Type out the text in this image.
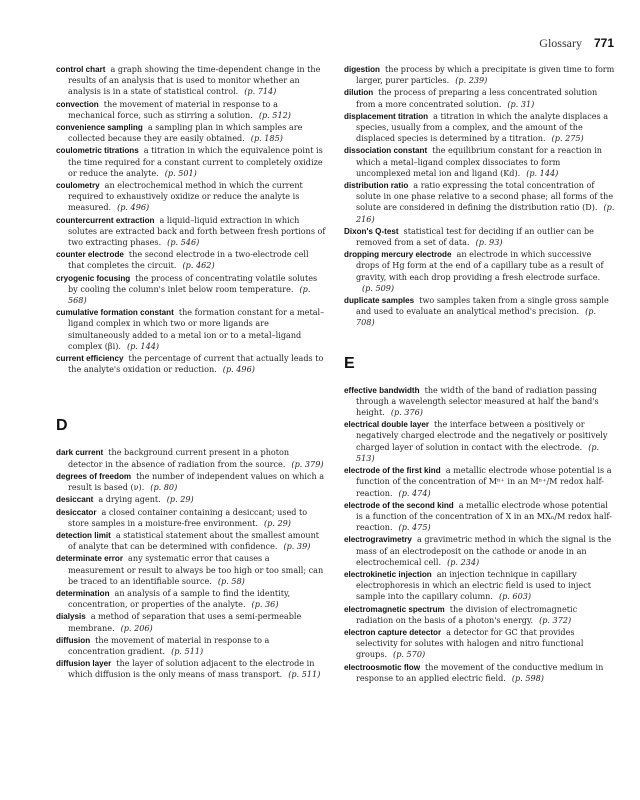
Glossary 771

control chart a graph showing the time-dependent change in the results of an analysis that is used to monitor whether an analysis is in a state of statistical control. (p. 714)

convection the movement of material in response to a mechanical force, such as stirring a solution. (p. 512)

convenience sampling a sampling plan in which samples are collected because they are easily obtained. (p. 185)

coulometric titrations a titration in which the equivalence point is the time required for a constant current to completely oxidize or reduce the analyte. (p. 501)

coulometry an electrochemical method in which the current required to exhaustively oxidize or reduce the analyte is measured. (p. 496)

countercurrent extraction a liquid–liquid extraction in which solutes are extracted back and forth between fresh portions of two extracting phases. (p. 546)

counter electrode the second electrode in a two-electrode cell that completes the circuit. (p. 462)

cryogenic focusing the process of concentrating volatile solutes by cooling the column's inlet below room temperature. (p. 568)

cumulative formation constant the formation constant for a metal–ligand complex in which two or more ligands are simultaneously added to a metal ion or to a metal–ligand complex (βi). (p. 144)

current efficiency the percentage of current that actually leads to the analyte's oxidation or reduction. (p. 496)

D

dark current the background current present in a photon detector in the absence of radiation from the source. (p. 379)

degrees of freedom the number of independent values on which a result is based (ν). (p. 80)

desiccant a drying agent. (p. 29)

desiccator a closed container containing a desiccant; used to store samples in a moisture-free environment. (p. 29)

detection limit a statistical statement about the smallest amount of analyte that can be determined with confidence. (p. 39)

determinate error any systematic error that causes a measurement or result to always be too high or too small; can be traced to an identifiable source. (p. 58)

determination an analysis of a sample to find the identity, concentration, or properties of the analyte. (p. 36)

dialysis a method of separation that uses a semi-permeable membrane. (p. 206)

diffusion the movement of material in response to a concentration gradient. (p. 511)

diffusion layer the layer of solution adjacent to the electrode in which diffusion is the only means of mass transport. (p. 511)

digestion the process by which a precipitate is given time to form larger, purer particles. (p. 239)

dilution the process of preparing a less concentrated solution from a more concentrated solution. (p. 31)

displacement titration a titration in which the analyte displaces a species, usually from a complex, and the amount of the displaced species is determined by a titration. (p. 275)

dissociation constant the equilibrium constant for a reaction in which a metal–ligand complex dissociates to form uncomplexed metal ion and ligand (Kd). (p. 144)

distribution ratio a ratio expressing the total concentration of solute in one phase relative to a second phase; all forms of the solute are considered in defining the distribution ratio (D). (p. 216)

Dixon's Q-test statistical test for deciding if an outlier can be removed from a set of data. (p. 93)

dropping mercury electrode an electrode in which successive drops of Hg form at the end of a capillary tube as a result of gravity, with each drop providing a fresh electrode surface.(p. 509)

duplicate samples two samples taken from a single gross sample and used to evaluate an analytical method's precision. (p. 708)

E

effective bandwidth the width of the band of radiation passing through a wavelength selector measured at half the band's height. (p. 376)

electrical double layer the interface between a positively or negatively charged electrode and the negatively or positively charged layer of solution in contact with the electrode. (p. 513)

electrode of the first kind a metallic electrode whose potential is a function of the concentration of Mⁿ⁺ in an Mⁿ⁺/M redox half-reaction. (p. 474)

electrode of the second kind a metallic electrode whose potential is a function of the concentration of X in an MXₙ/M redox half-reaction. (p. 475)

electrogravimetry a gravimetric method in which the signal is the mass of an electrodeposit on the cathode or anode in an electrochemical cell. (p. 234)

electrokinetic injection an injection technique in capillary electrophoresis in which an electric field is used to inject sample into the capillary column. (p. 603)

electromagnetic spectrum the division of electromagnetic radiation on the basis of a photon's energy. (p. 372)

electron capture detector a detector for GC that provides selectivity for solutes with halogen and nitro functional groups. (p. 570)

electroosmotic flow the movement of the conductive medium in response to an applied electric field. (p. 598)
